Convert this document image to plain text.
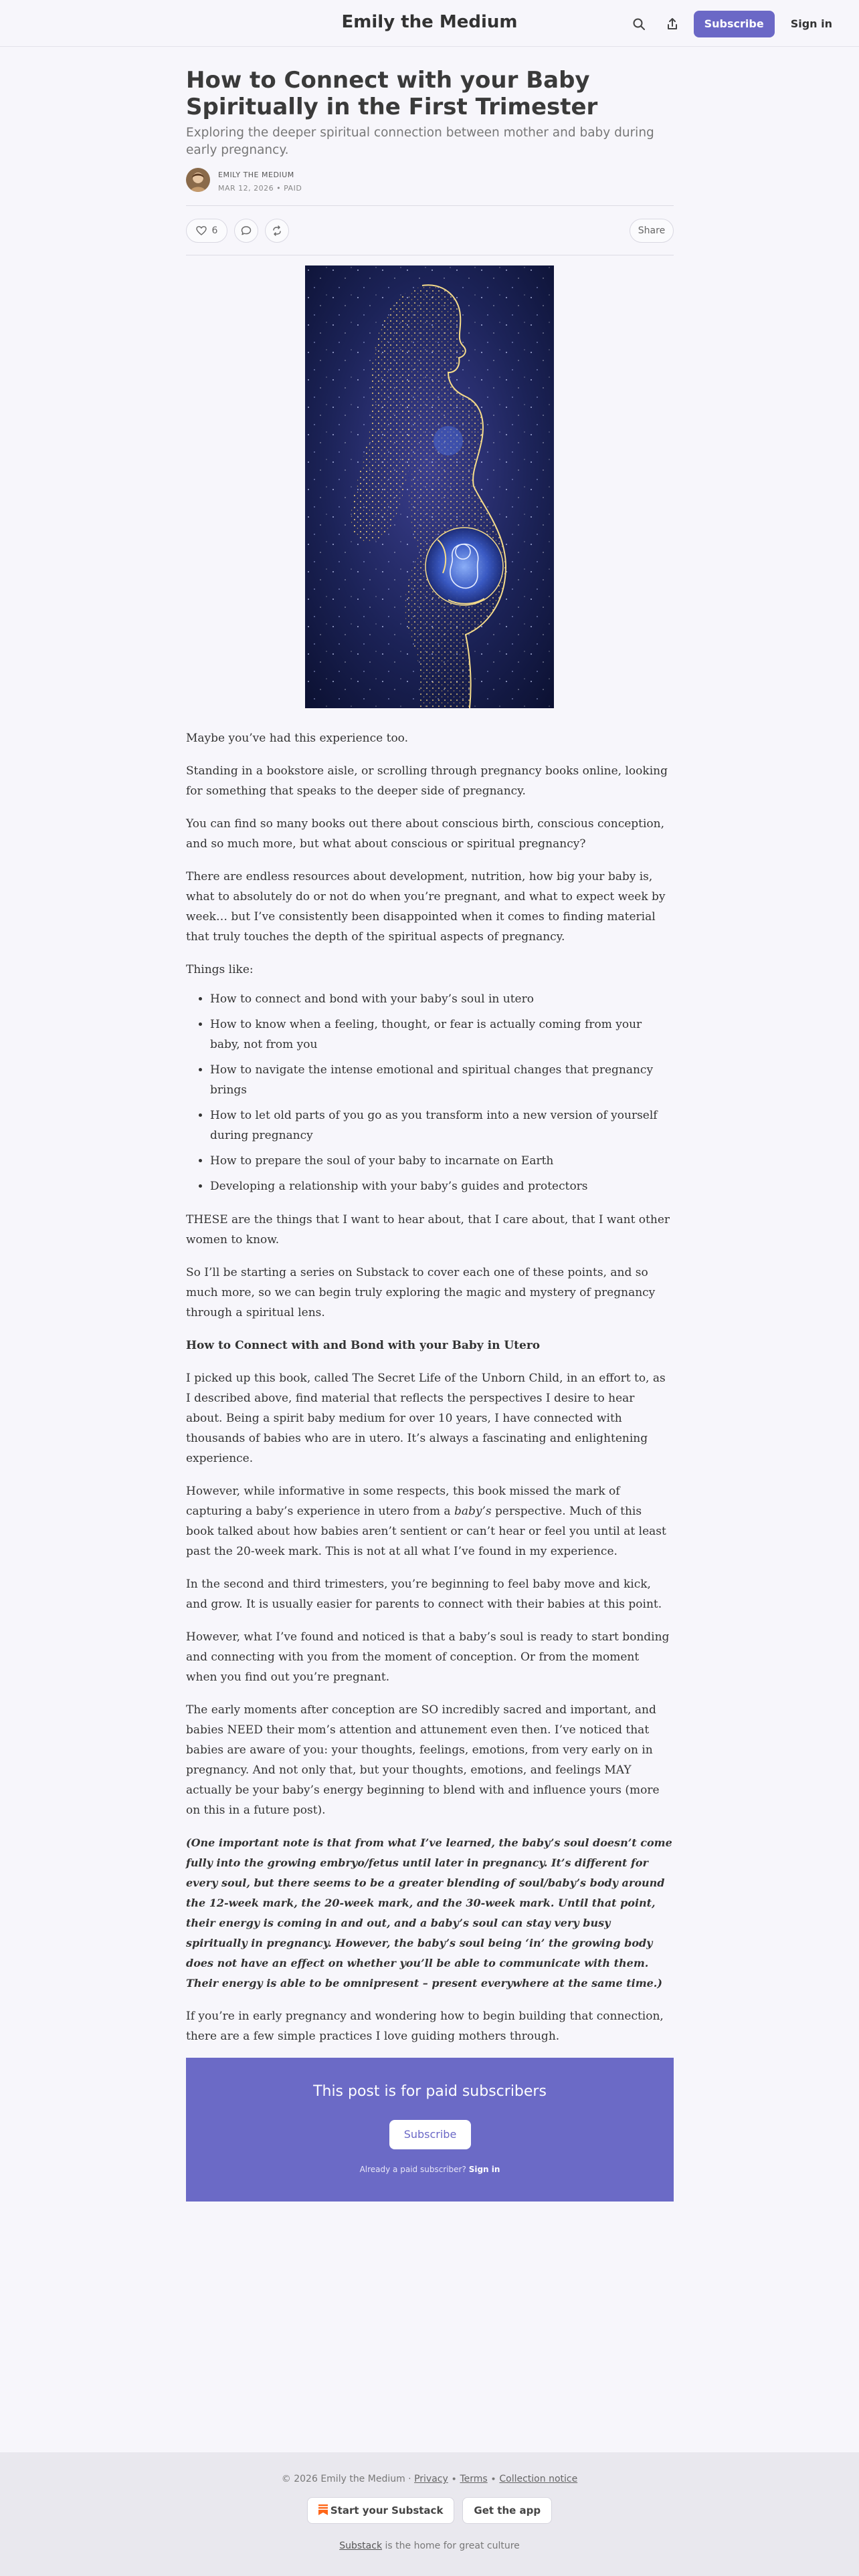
Emily the Medium	Subscribe	Sign in
How to Connect with your Baby Spiritually in the First Trimester
Exploring the deeper spiritual connection between mother and baby during early pregnancy.
EMILY THE MEDIUM
MAR 12, 2026 • PAID
6	Share

Maybe you’ve had this experience too.

Standing in a bookstore aisle, or scrolling through pregnancy books online, looking for something that speaks to the deeper side of pregnancy.

You can find so many books out there about conscious birth, conscious conception, and so much more, but what about conscious or spiritual pregnancy?

There are endless resources about development, nutrition, how big your baby is, what to absolutely do or not do when you’re pregnant, and what to expect week by week… but I’ve consistently been disappointed when it comes to finding material that truly touches the depth of the spiritual aspects of pregnancy.

Things like:

• How to connect and bond with your baby’s soul in utero
• How to know when a feeling, thought, or fear is actually coming from your baby, not from you
• How to navigate the intense emotional and spiritual changes that pregnancy brings
• How to let old parts of you go as you transform into a new version of yourself during pregnancy
• How to prepare the soul of your baby to incarnate on Earth
• Developing a relationship with your baby’s guides and protectors

THESE are the things that I want to hear about, that I care about, that I want other women to know.

So I’ll be starting a series on Substack to cover each one of these points, and so much more, so we can begin truly exploring the magic and mystery of pregnancy through a spiritual lens.

How to Connect with and Bond with your Baby in Utero

I picked up this book, called The Secret Life of the Unborn Child, in an effort to, as I described above, find material that reflects the perspectives I desire to hear about. Being a spirit baby medium for over 10 years, I have connected with thousands of babies who are in utero. It’s always a fascinating and enlightening experience.

However, while informative in some respects, this book missed the mark of capturing a baby’s experience in utero from a baby’s perspective. Much of this book talked about how babies aren’t sentient or can’t hear or feel you until at least past the 20-week mark. This is not at all what I’ve found in my experience.

In the second and third trimesters, you’re beginning to feel baby move and kick, and grow. It is usually easier for parents to connect with their babies at this point.

However, what I’ve found and noticed is that a baby’s soul is ready to start bonding and connecting with you from the moment of conception. Or from the moment when you find out you’re pregnant.

The early moments after conception are SO incredibly sacred and important, and babies NEED their mom’s attention and attunement even then. I’ve noticed that babies are aware of you: your thoughts, feelings, emotions, from very early on in pregnancy. And not only that, but your thoughts, emotions, and feelings MAY actually be your baby’s energy beginning to blend with and influence yours (more on this in a future post).

(One important note is that from what I’ve learned, the baby’s soul doesn’t come fully into the growing embryo/fetus until later in pregnancy. It’s different for every soul, but there seems to be a greater blending of soul/baby’s body around the 12-week mark, the 20-week mark, and the 30-week mark. Until that point, their energy is coming in and out, and a baby’s soul can stay very busy spiritually in pregnancy. However, the baby’s soul being ‘in’ the growing body does not have an effect on whether you’ll be able to communicate with them. Their energy is able to be omnipresent – present everywhere at the same time.)

If you’re in early pregnancy and wondering how to begin building that connection, there are a few simple practices I love guiding mothers through.

This post is for paid subscribers
Subscribe
Already a paid subscriber? Sign in
© 2026 Emily the Medium · Privacy ∙ Terms ∙ Collection notice
Start your Substack	Get the app
Substack is the home for great culture
